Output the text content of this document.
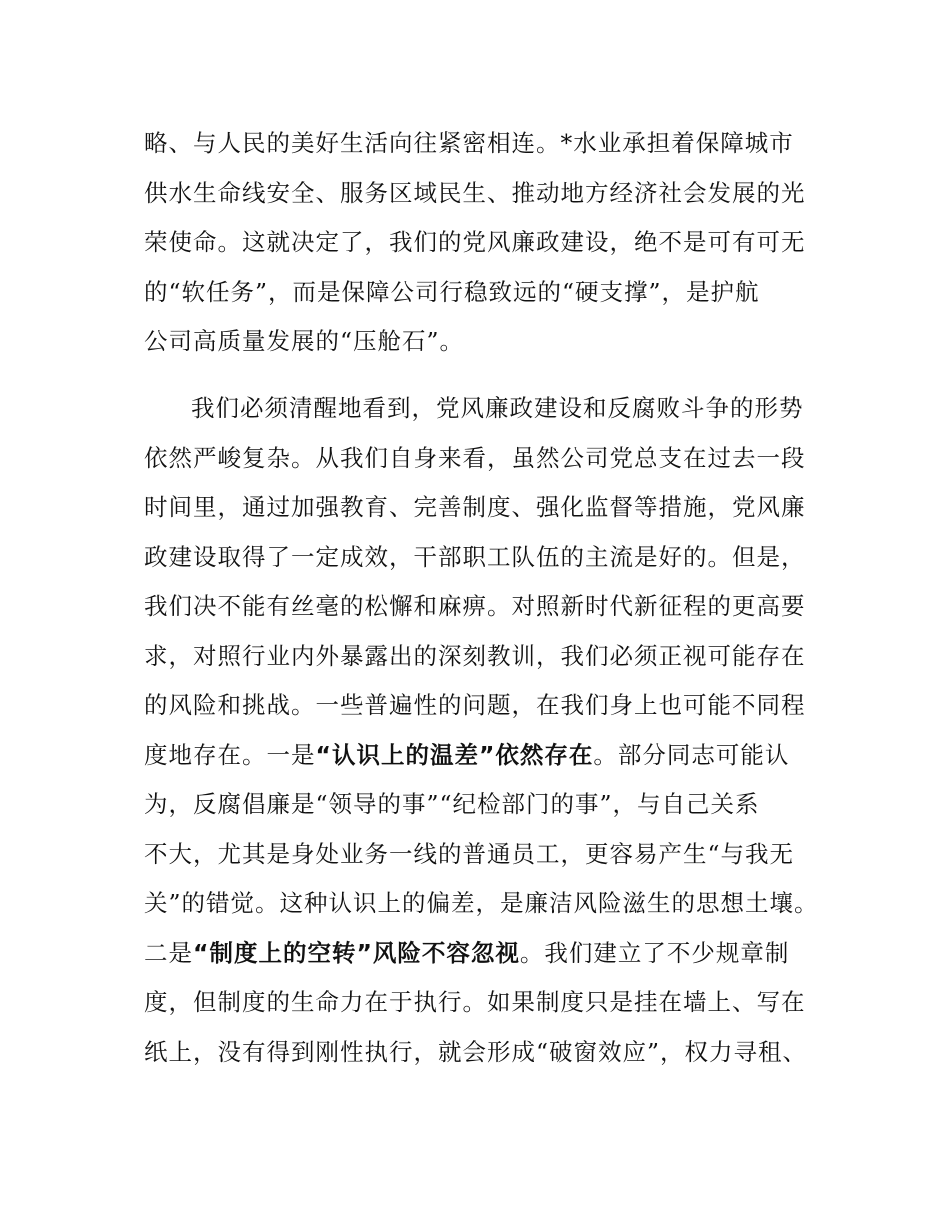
略、与人民的美好生活向往紧密相连。*水业承担着保障城市
供水生命线安全、服务区域民生、推动地方经济社会发展的光
荣使命。这就决定了，我们的党风廉政建设，绝不是可有可无
的“软任务”，而是保障公司行稳致远的“硬支撑”，是护航
公司高质量发展的“压舱石”。
我们必须清醒地看到，党风廉政建设和反腐败斗争的形势
依然严峻复杂。从我们自身来看，虽然公司党总支在过去一段
时间里，通过加强教育、完善制度、强化监督等措施，党风廉
政建设取得了一定成效，干部职工队伍的主流是好的。但是，
我们决不能有丝毫的松懈和麻痹。对照新时代新征程的更高要
求，对照行业内外暴露出的深刻教训，我们必须正视可能存在
的风险和挑战。一些普遍性的问题，在我们身上也可能不同程
度地存在。一是“认识上的温差”依然存在。部分同志可能认
为，反腐倡廉是“领导的事”“纪检部门的事”，与自己关系
不大，尤其是身处业务一线的普通员工，更容易产生“与我无
关”的错觉。这种认识上的偏差，是廉洁风险滋生的思想土壤。
二是“制度上的空转”风险不容忽视。我们建立了不少规章制
度，但制度的生命力在于执行。如果制度只是挂在墙上、写在
纸上，没有得到刚性执行，就会形成“破窗效应”，权力寻租、
